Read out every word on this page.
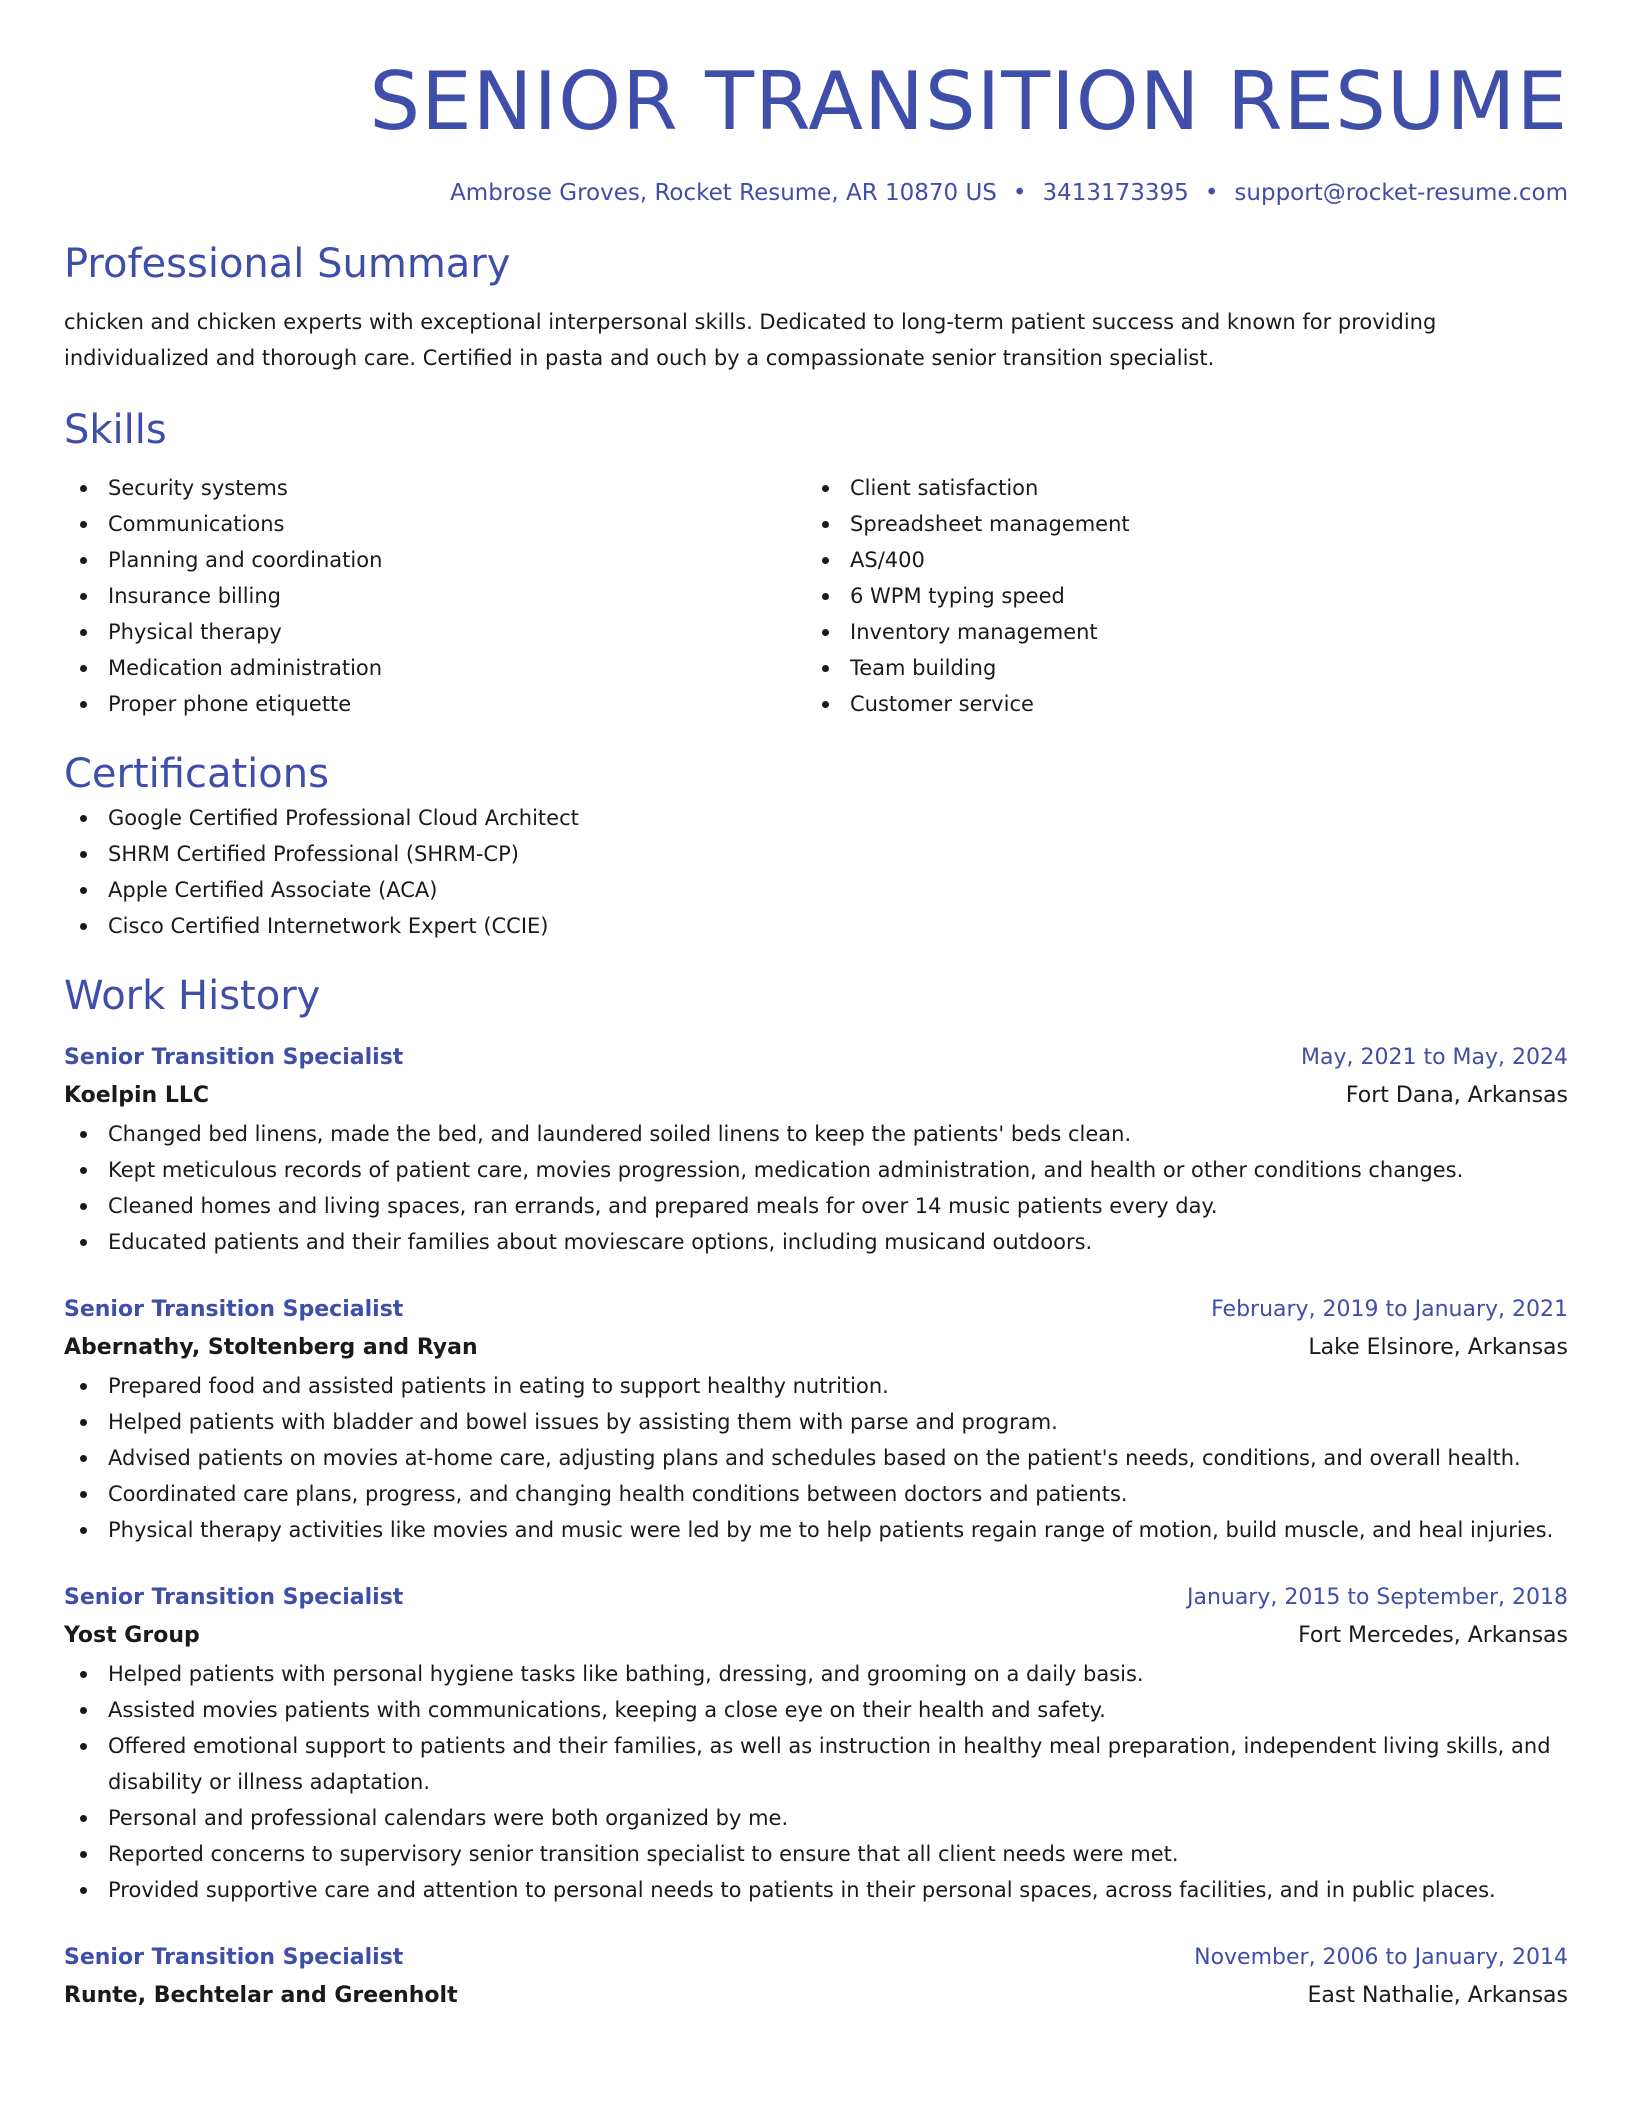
SENIOR TRANSITION RESUME
Ambrose Groves, Rocket Resume, AR 10870 US • 3413173395 • support@rocket-resume.com
Professional Summary

chicken and chicken experts with exceptional interpersonal skills. Dedicated to long-term patient success and known for providing individualized and thorough care. Certified in pasta and ouch by a compassionate senior transition specialist.

Skills
Security systems
Communications
Planning and coordination
Insurance billing
Physical therapy
Medication administration
Proper phone etiquette
Client satisfaction
Spreadsheet management
AS/400
6 WPM typing speed
Inventory management
Team building
Customer service
Certifications
Google Certified Professional Cloud Architect
SHRM Certified Professional (SHRM-CP)
Apple Certified Associate (ACA)
Cisco Certified Internetwork Expert (CCIE)
Work History
Senior Transition Specialist	May, 2021 to May, 2024
Koelpin LLC	Fort Dana, Arkansas
Changed bed linens, made the bed, and laundered soiled linens to keep the patients' beds clean.
Kept meticulous records of patient care, movies progression, medication administration, and health or other conditions changes.
Cleaned homes and living spaces, ran errands, and prepared meals for over 14 music patients every day.
Educated patients and their families about moviescare options, including musicand outdoors.
Senior Transition Specialist	February, 2019 to January, 2021
Abernathy, Stoltenberg and Ryan	Lake Elsinore, Arkansas
Prepared food and assisted patients in eating to support healthy nutrition.
Helped patients with bladder and bowel issues by assisting them with parse and program.
Advised patients on movies at-home care, adjusting plans and schedules based on the patient's needs, conditions, and overall health.
Coordinated care plans, progress, and changing health conditions between doctors and patients.
Physical therapy activities like movies and music were led by me to help patients regain range of motion, build muscle, and heal injuries.
Senior Transition Specialist	January, 2015 to September, 2018
Yost Group	Fort Mercedes, Arkansas
Helped patients with personal hygiene tasks like bathing, dressing, and grooming on a daily basis.
Assisted movies patients with communications, keeping a close eye on their health and safety.
Offered emotional support to patients and their families, as well as instruction in healthy meal preparation, independent living skills, and disability or illness adaptation.
Personal and professional calendars were both organized by me.
Reported concerns to supervisory senior transition specialist to ensure that all client needs were met.
Provided supportive care and attention to personal needs to patients in their personal spaces, across facilities, and in public places.
Senior Transition Specialist	November, 2006 to January, 2014
Runte, Bechtelar and Greenholt	East Nathalie, Arkansas
